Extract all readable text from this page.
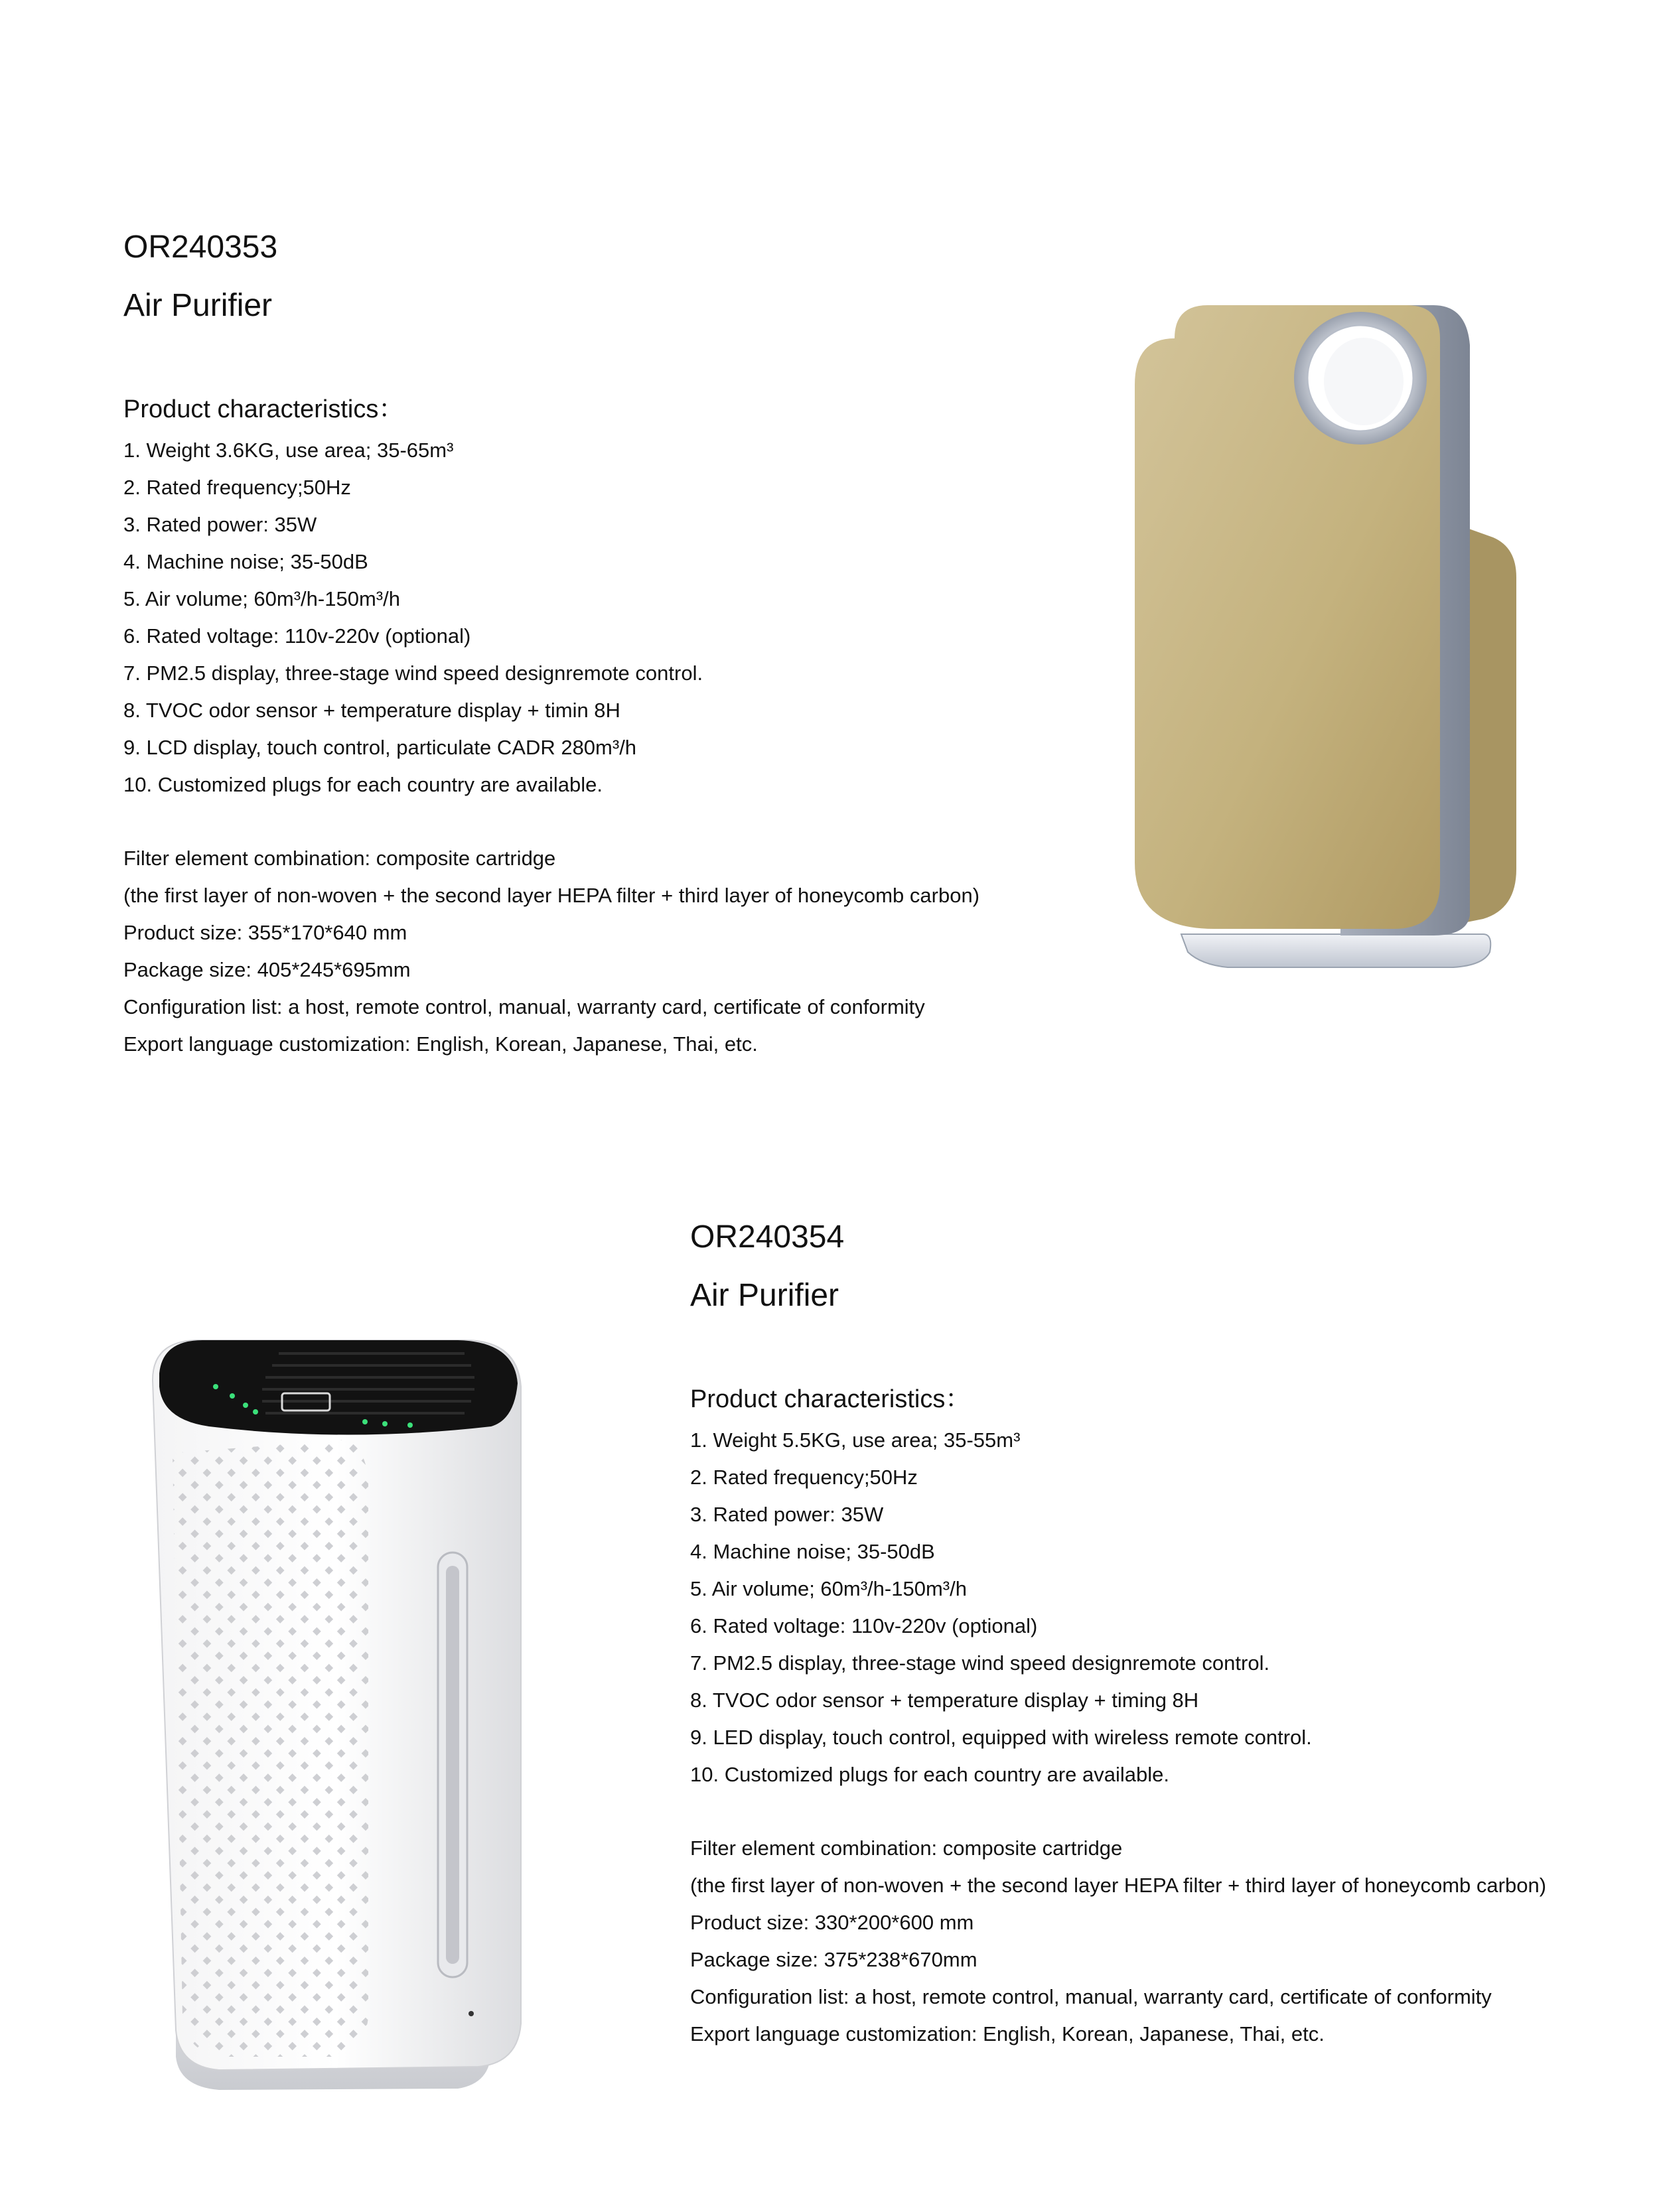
OR240353
Air Purifier
Product characteristics：

1. Weight 3.6KG, use area; 35-65m³

2. Rated frequency;50Hz

3. Rated power: 35W

4. Machine noise; 35-50dB

5. Air volume; 60m³/h-150m³/h

6. Rated voltage: 110v-220v (optional)

7. PM2.5 display, three-stage wind speed designremote control.

8. TVOC odor sensor + temperature display + timin 8H

9. LCD display, touch control, particulate CADR 280m³/h

10. Customized plugs for each country are available.

Filter element combination: composite cartridge

(the first layer of non-woven + the second layer HEPA filter + third layer of honeycomb carbon)

Product size: 355*170*640 mm

Package size: 405*245*695mm

Configuration list: a host, remote control, manual, warranty card, certificate of conformity

Export language customization: English, Korean, Japanese, Thai, etc.

OR240354
Air Purifier
Product characteristics：

1. Weight 5.5KG, use area; 35-55m³

2. Rated frequency;50Hz

3. Rated power: 35W

4. Machine noise; 35-50dB

5. Air volume; 60m³/h-150m³/h

6. Rated voltage: 110v-220v (optional)

7. PM2.5 display, three-stage wind speed designremote control.

8. TVOC odor sensor + temperature display + timing 8H

9. LED display, touch control, equipped with wireless remote control.

10. Customized plugs for each country are available.

Filter element combination: composite cartridge

(the first layer of non-woven + the second layer HEPA filter + third layer of honeycomb carbon)

Product size: 330*200*600 mm

Package size: 375*238*670mm

Configuration list: a host, remote control, manual, warranty card, certificate of conformity

Export language customization: English, Korean, Japanese, Thai, etc.
